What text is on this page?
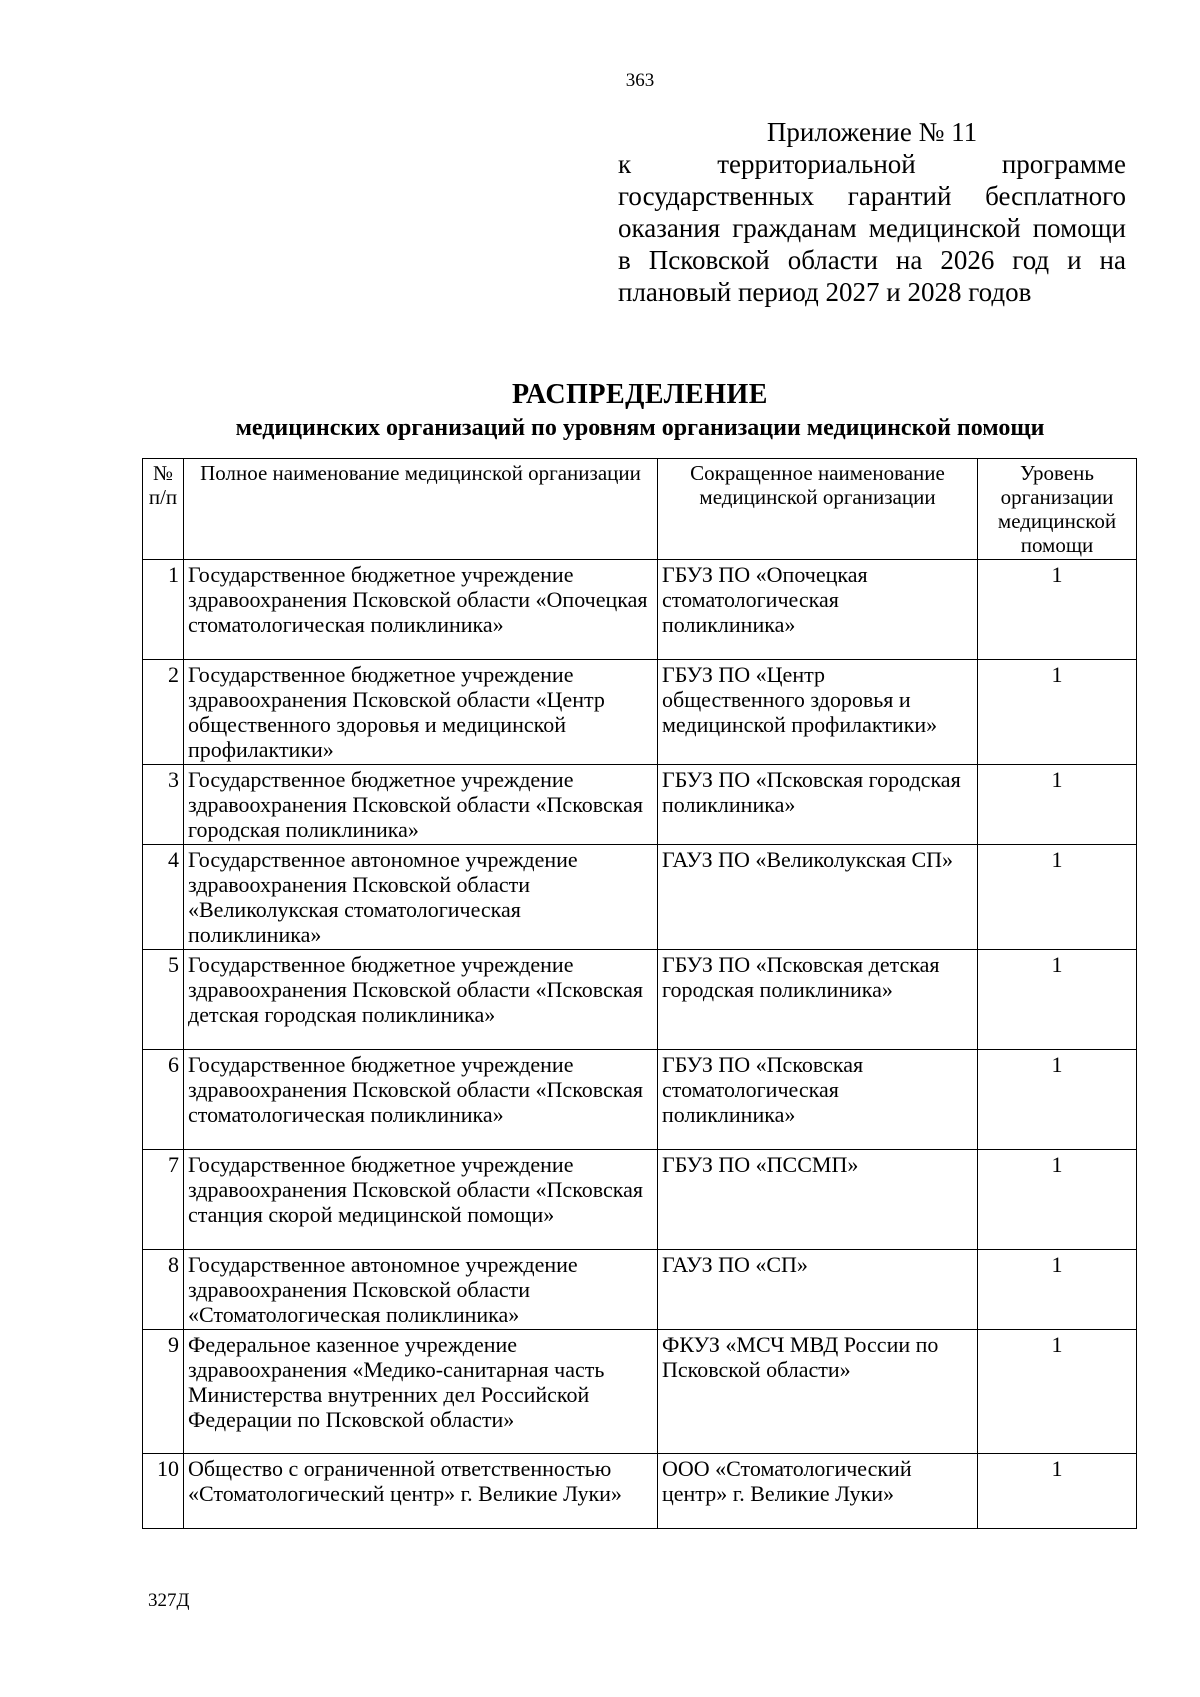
363
Приложение № 11
к территориальной программе государственных гарантий бесплатного оказания гражданам медицинской помощи в Псковской области на 2026 год и на плановый период 2027 и 2028 годов
РАСПРЕДЕЛЕНИЕ
медицинских организаций по уровням организации медицинской помощи
№ п/п	Полное наименование медицинской организации	Сокращенное наименование медицинской организации	Уровень организации медицинской помощи
1	Государственное бюджетное учреждение здравоохранения Псковской области «Опочецкая стоматологическая поликлиника»	ГБУЗ ПО «Опочецкая стоматологическая поликлиника»	1
2	Государственное бюджетное учреждение здравоохранения Псковской области «Центр общественного здоровья и медицинской профилактики»	ГБУЗ ПО «Центр общественного здоровья и медицинской профилактики»	1
3	Государственное бюджетное учреждение здравоохранения Псковской области «Псковская городская поликлиника»	ГБУЗ ПО «Псковская городская поликлиника»	1
4	Государственное автономное учреждение здравоохранения Псковской области «Великолукская стоматологическая поликлиника»	ГАУЗ ПО «Великолукская СП»	1
5	Государственное бюджетное учреждение здравоохранения Псковской области «Псковская детская городская поликлиника»	ГБУЗ ПО «Псковская детская городская поликлиника»	1
6	Государственное бюджетное учреждение здравоохранения Псковской области «Псковская стоматологическая поликлиника»	ГБУЗ ПО «Псковская стоматологическая поликлиника»	1
7	Государственное бюджетное учреждение здравоохранения Псковской области «Псковская станция скорой медицинской помощи»	ГБУЗ ПО «ПССМП»	1
8	Государственное автономное учреждение здравоохранения Псковской области «Стоматологическая поликлиника»	ГАУЗ ПО «СП»	1
9	Федеральное казенное учреждение здравоохранения «Медико-санитарная часть Министерства внутренних дел Российской Федерации по Псковской области»	ФКУЗ «МСЧ МВД России по Псковской области»	1
10	Общество с ограниченной ответственностью «Стоматологический центр» г. Великие Луки»	ООО «Стоматологический центр» г. Великие Луки»	1
327Д
